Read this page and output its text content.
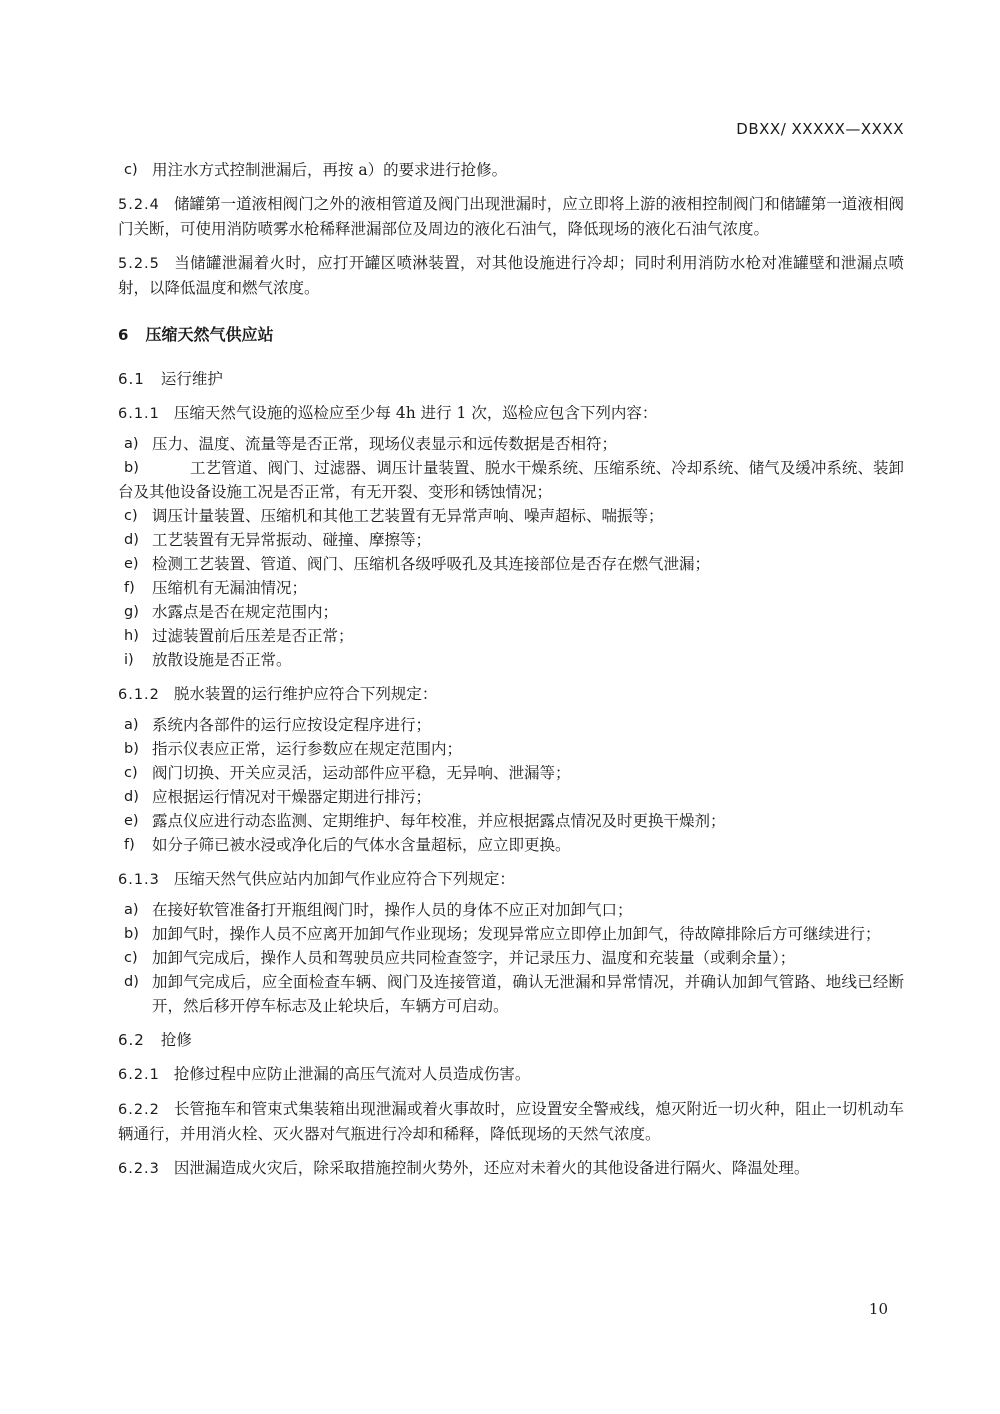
DBXX/ XXXXX—XXXX

c) 用注水方式控制泄漏后，再按 a）的要求进行抢修。

5.2.4 储罐第一道液相阀门之外的液相管道及阀门出现泄漏时，应立即将上游的液相控制阀门和储罐第一道液相阀门关断，可使用消防喷雾水枪稀释泄漏部位及周边的液化石油气，降低现场的液化石油气浓度。

5.2.5 当储罐泄漏着火时，应打开罐区喷淋装置，对其他设施进行冷却；同时利用消防水枪对准罐壁和泄漏点喷射，以降低温度和燃气浓度。

6 压缩天然气供应站

6.1 运行维护

6.1.1 压缩天然气设施的巡检应至少每 4h 进行 1 次，巡检应包含下列内容：

a) 压力、温度、流量等是否正常，现场仪表显示和远传数据是否相符；

b)	工艺管道、阀门、过滤器、调压计量装置、脱水干燥系统、压缩系统、冷却系统、储气及缓冲系统、装卸台及其他设备设施工况是否正常，有无开裂、变形和锈蚀情况；

c) 调压计量装置、压缩机和其他工艺装置有无异常声响、噪声超标、喘振等；

d) 工艺装置有无异常振动、碰撞、摩擦等；

e) 检测工艺装置、管道、阀门、压缩机各级呼吸孔及其连接部位是否存在燃气泄漏；

f) 压缩机有无漏油情况；

g) 水露点是否在规定范围内；

h) 过滤装置前后压差是否正常；

i) 放散设施是否正常。

6.1.2 脱水装置的运行维护应符合下列规定：

a) 系统内各部件的运行应按设定程序进行；

b) 指示仪表应正常，运行参数应在规定范围内；

c) 阀门切换、开关应灵活，运动部件应平稳，无异响、泄漏等；

d) 应根据运行情况对干燥器定期进行排污；

e) 露点仪应进行动态监测、定期维护、每年校准，并应根据露点情况及时更换干燥剂；

f) 如分子筛已被水浸或净化后的气体水含量超标，应立即更换。

6.1.3 压缩天然气供应站内加卸气作业应符合下列规定：

a) 在接好软管准备打开瓶组阀门时，操作人员的身体不应正对加卸气口；

b) 加卸气时，操作人员不应离开加卸气作业现场；发现异常应立即停止加卸气，待故障排除后方可继续进行；

c) 加卸气完成后，操作人员和驾驶员应共同检查签字，并记录压力、温度和充装量（或剩余量）；

d) 加卸气完成后，应全面检查车辆、阀门及连接管道，确认无泄漏和异常情况，并确认加卸气管路、地线已经断开，然后移开停车标志及止轮块后，车辆方可启动。

6.2 抢修

6.2.1 抢修过程中应防止泄漏的高压气流对人员造成伤害。

6.2.2 长管拖车和管束式集装箱出现泄漏或着火事故时，应设置安全警戒线，熄灭附近一切火种，阻止一切机动车辆通行，并用消火栓、灭火器对气瓶进行冷却和稀释，降低现场的天然气浓度。

6.2.3 因泄漏造成火灾后，除采取措施控制火势外，还应对未着火的其他设备进行隔火、降温处理。

10
